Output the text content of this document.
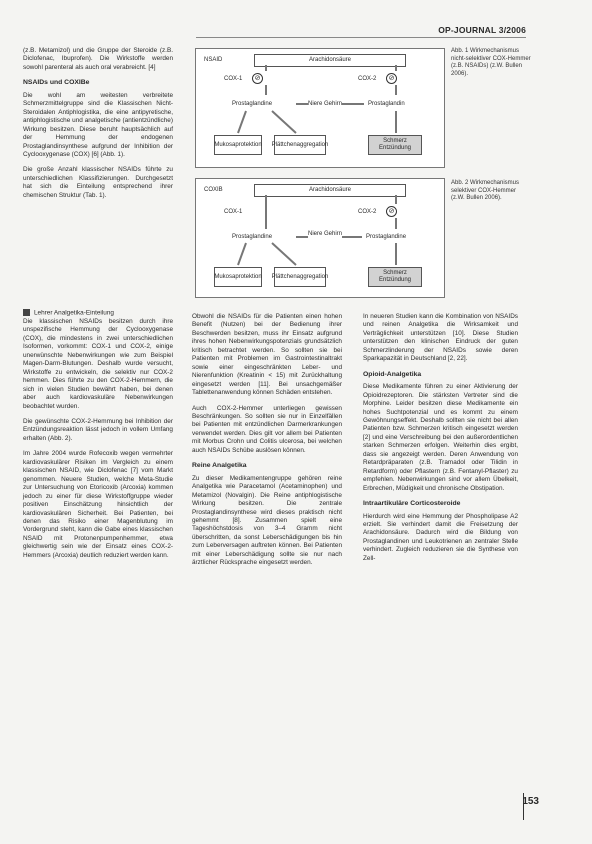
OP-JOURNAL 3/2006

(z.B. Metamizol) und die Gruppe der Steroide (z.B. Diclofenac, Ibuprofen). Die Wirkstoffe werden sowohl parenteral als auch oral verabreicht. [4]

NSAIDs und COXIBe

Die wohl am weitesten verbreitete Schmerzmittelgruppe sind die Klassischen Nicht-Steroidalen Antiphlogistika, die eine antipyretische, antiphlogistische und analgetische (antientzündliche) Wirkung besitzen. Diese beruht hauptsächlich auf der Hemmung der endogenen Prostaglandinsynthese aufgrund der Inhibition der Cyclooxygenase (COX) [6] (Abb. 1).

Die große Anzahl klassischer NSAIDs führte zu unterschiedlichen Klassifizierungen. Durchgesetzt hat sich die Einteilung entsprechend ihrer chemischen Struktur (Tab. 1).

Lehrer Analgetika-Einteilung

Die klassischen NSAIDs besitzen durch ihre unspezifische Hemmung der Cyclooxygenase (COX), die mindestens in zwei unterschiedlichen Isoformen, vorkommt: COX-1 und COX-2, einige unerwünschte Nebenwirkungen wie zum Beispiel Magen-Darm-Blutungen. Deshalb wurde versucht, Wirkstoffe zu entwickeln, die selektiv nur COX-2 hemmen. Dies führte zu den COX-2-Hemmern, die sich in vielen Studien bewährt haben, bei denen aber auch kardiovaskuläre Nebenwirkungen beobachtet wurden.

Die gewünschte COX-2-Hemmung bei Inhibition der Entzündungsreaktion lässt jedoch in vollem Umfang erhalten (Abb. 2).

Im Jahre 2004 wurde Rofecoxib wegen vermehrter kardiovaskulärer Risiken im Vergleich zu einem klassischen NSAID, wie Diclofenac [7] vom Markt genommen. Neuere Studien, welche Meta-Studie zur Untersuchung von Etoricoxib (Arcoxia) kommen jedoch zu einer für diese Wirkstoffgruppe wieder positiven Einschätzung hinsichtlich der kardiovaskulären Sicherheit. Bei Patienten, bei denen das Risiko einer Magenblutung im Vordergrund steht, kann die Gabe eines klassischen NSAID mit Protonenpumpenhemmer, etwa gleichwertig sein wie der Einsatz eines COX-2-Hemmers (Arcoxia) deutlich reduziert werden kann.

NSAID	Arachidonsäure
COX-1	⊘	COX-2	⊘
Prostaglandine	Niere Gehirn	Prostaglandin
Mukosaprotektion Plättchenaggregation
Schmerz Entzündung
Abb. 1 Wirkmechanismus nicht-selektiver COX-Hemmer (z.B. NSAIDs) (z.W. Bullen 2006).
COXIB	Arachidonsäure
COX-1	COX-2	⊘
Prostaglandine
Niere Gehirn
Prostaglandine
Mukosaprotektion Plättchenaggregation
Schmerz Entzündung
Abb. 2 Wirkmechanismus selektiver COX-Hemmer (z.W. Bullen 2006).

Obwohl die NSAIDs für die Patienten einen hohen Benefit (Nutzen) bei der Bedienung ihrer Beschwerden besitzen, muss ihr Einsatz aufgrund ihres hohen Nebenwirkungspotenzials grundsätzlich kritisch betrachtet werden. So sollten sie bei Patienten mit Problemen im Gastrointestinaltrakt sowie einer eingeschränkten Leber- und Nierenfunktion (Kreatinin < 15) mit Zurückhaltung eingesetzt werden [11]. Bei unsachgemäßer Tablettenanwendung können Schäden entstehen.

Auch COX-2-Hemmer unterliegen gewissen Beschränkungen. So sollten sie nur in Einzelfällen bei Patienten mit entzündlichen Darmerkrankungen verwendet werden. Dies gilt vor allem bei Patienten mit Morbus Crohn und Colitis ulcerosa, bei welchen auch NSAIDs Schübe auslösen können.

Reine Analgetika

Zu dieser Medikamentengruppe gehören reine Analgetika wie Paracetamol (Acetaminophen) und Metamizol (Novalgin). Die Reine antiphlogistische Wirkung besitzen. Die zentrale Prostaglandinsynthese wird dieses praktisch nicht gehemmt [8]. Zusammen spielt eine Tageshöchstdosis von 3–4 Gramm nicht überschritten, da sonst Leberschädigungen bis hin zum Leberversagen auftreten können. Bei Patienten mit einer Leberschädigung sollte sie nur nach ärztlicher Rücksprache eingesetzt werden.

In neueren Studien kann die Kombination von NSAIDs und reinen Analgetika die Wirksamkeit und Verträglichkeit unterstützen [10]. Diese Studien unterstützen den klinischen Eindruck der guten Schmerzlinderung der NSAIDs sowie deren Sparkapazität in Deutschland [2, 22].

Opioid-Analgetika

Diese Medikamente führen zu einer Aktivierung der Opioidrezeptoren. Die stärksten Vertreter sind die Morphine. Leider besitzen diese Medikamente ein hohes Suchtpotenzial und es kommt zu einem Gewöhnungseffekt. Deshalb sollten sie nicht bei allen Patienten bzw. Schmerzen kritisch eingesetzt werden [2] und eine Verschreibung bei den außerordentlichen starken Schmerzen erfolgen. Weiterhin dies ergibt, dass sie angezeigt werden. Deren Anwendung von Retardpräparaten (z.B. Tramadol oder Tilidin in Retardform) oder Pflastern (z.B. Fentanyl-Pflaster) zu empfehlen. Nebenwirkungen sind vor allem Übelkeit, Erbrechen, Müdigkeit und chronische Obstipation.

Intraartikuläre Corticosteroide

Hierdurch wird eine Hemmung der Phospholipase A2 erzielt. Sie verhindert damit die Freisetzung der Arachidonsäure. Dadurch wird die Bildung von Prostaglandinen und Leukotrienen an zentraler Stelle verhindert. Zugleich reduzieren sie die Synthese von Zell-

153
